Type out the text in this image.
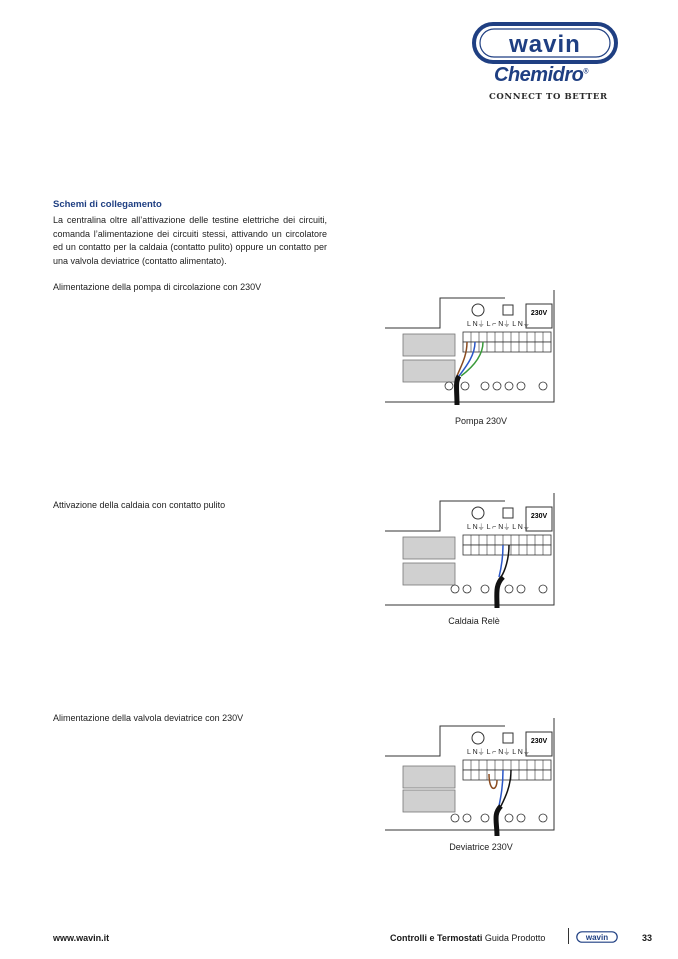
wavin
Chemidro®
CONNECT TO BETTER
Schemi di collegamento
La centralina oltre all’attivazione delle testine elettriche dei circuiti, comanda l’alimentazione dei circuiti stessi, attivando un circolatore ed un contatto per la caldaia (contatto pulito) oppure un contatto per una valvola deviatrice (contatto alimentato).
Alimentazione della pompa di circolazione con 230V
230V
L N⏚ L ⌐ N⏚ L N⏚
Pompa 230V
Attivazione della caldaia con contatto pulito
230V
L N⏚ L ⌐ N⏚ L N⏚
Caldaia Relè
Alimentazione della valvola deviatrice con 230V
230V
L N⏚ L ⌐ N⏚ L N⏚
Deviatrice 230V
www.wavin.it	Controlli e Termostati Guida Prodotto	wavin	33
